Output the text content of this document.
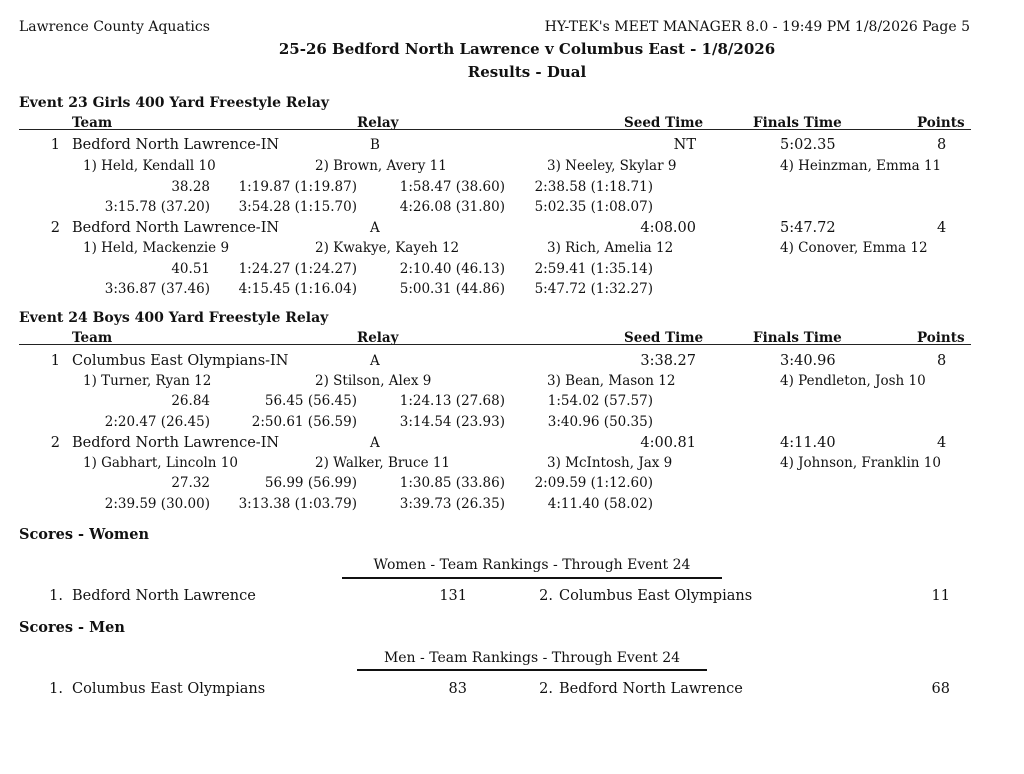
Lawrence County Aquatics	HY-TEK's MEET MANAGER 8.0 - 19:49 PM 1/8/2026 Page 5
25-26 Bedford North Lawrence v Columbus East - 1/8/2026
Results - Dual
Event 23 Girls 400 Yard Freestyle Relay
Team	Relay	Seed Time	Finals Time	Points
1 Bedford North Lawrence-IN	B	NT	5:02.35	8
1) Held, Kendall 10	2) Brown, Avery 11	3) Neeley, Skylar 9	4) Heinzman, Emma 11
38.28	1:19.87 (1:19.87)	1:58.47 (38.60)	2:38.58 (1:18.71)
3:15.78 (37.20)	3:54.28 (1:15.70)	4:26.08 (31.80)	5:02.35 (1:08.07)
2 Bedford North Lawrence-IN	A	4:08.00	5:47.72	4
1) Held, Mackenzie 9	2) Kwakye, Kayeh 12	3) Rich, Amelia 12	4) Conover, Emma 12
40.51	1:24.27 (1:24.27)	2:10.40 (46.13)	2:59.41 (1:35.14)
3:36.87 (37.46)	4:15.45 (1:16.04)	5:00.31 (44.86)	5:47.72 (1:32.27)
Event 24 Boys 400 Yard Freestyle Relay
Team	Relay	Seed Time	Finals Time	Points
1 Columbus East Olympians-IN	A	3:38.27	3:40.96	8
1) Turner, Ryan 12	2) Stilson, Alex 9	3) Bean, Mason 12	4) Pendleton, Josh 10
26.84	56.45 (56.45)	1:24.13 (27.68)	1:54.02 (57.57)
2:20.47 (26.45)	2:50.61 (56.59)	3:14.54 (23.93)	3:40.96 (50.35)
2 Bedford North Lawrence-IN	A	4:00.81	4:11.40	4
1) Gabhart, Lincoln 10	2) Walker, Bruce 11	3) McIntosh, Jax 9	4) Johnson, Franklin 10
27.32	56.99 (56.99)	1:30.85 (33.86)	2:09.59 (1:12.60)
2:39.59 (30.00)	3:13.38 (1:03.79)	3:39.73 (26.35)	4:11.40 (58.02)
Scores - Women
Women - Team Rankings - Through Event 24
1. Bedford North Lawrence	131	2. Columbus East Olympians	11
Scores - Men
Men - Team Rankings - Through Event 24
1. Columbus East Olympians	83	2. Bedford North Lawrence	68
